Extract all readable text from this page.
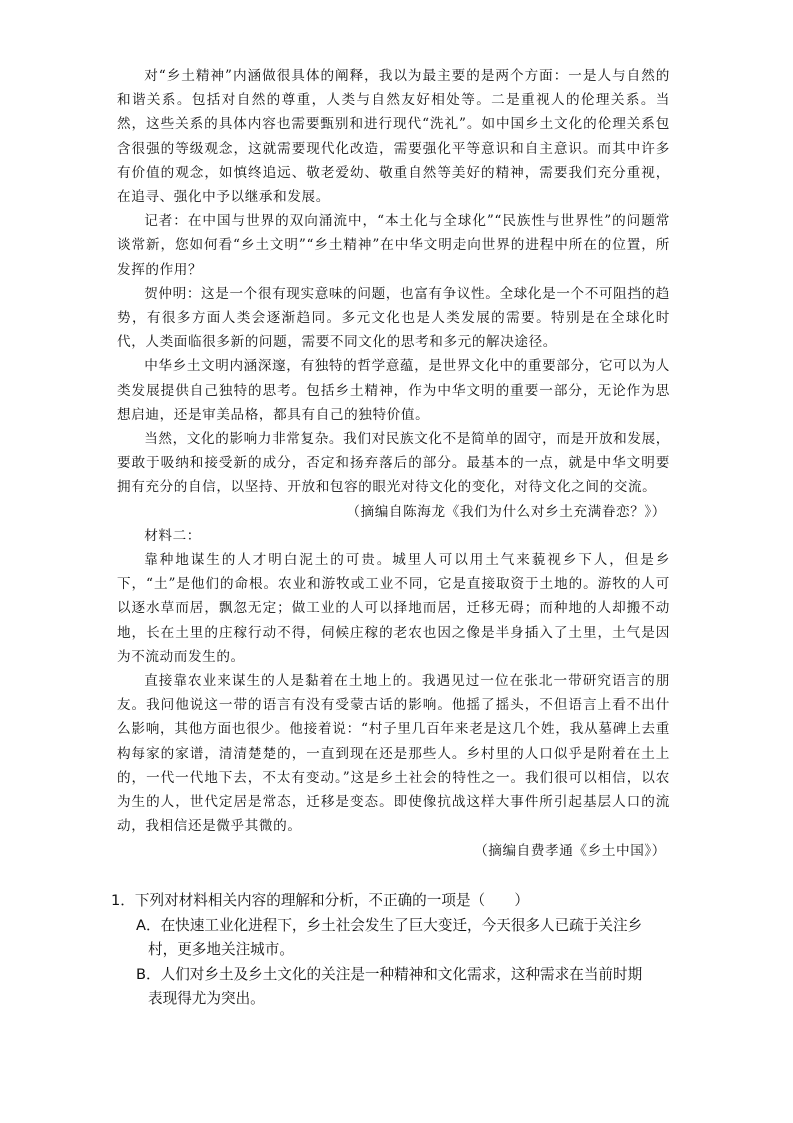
对“乡土精神”内涵做很具体的阐释，我以为最主要的是两个方面：一是人与自然的和谐关系。包括对自然的尊重，人类与自然友好相处等。二是重视人的伦理关系。当然，这些关系的具体内容也需要甄别和进行现代“洗礼”。如中国乡土文化的伦理关系包含很强的等级观念，这就需要现代化改造，需要强化平等意识和自主意识。而其中许多有价值的观念，如慎终追远、敬老爱幼、敬重自然等美好的精神，需要我们充分重视，在追寻、强化中予以继承和发展。

记者：在中国与世界的双向涌流中，“本土化与全球化”“民族性与世界性”的问题常谈常新，您如何看“乡土文明”“乡土精神”在中华文明走向世界的进程中所在的位置，所发挥的作用？

贺仲明：这是一个很有现实意味的问题，也富有争议性。全球化是一个不可阻挡的趋势，有很多方面人类会逐渐趋同。多元文化也是人类发展的需要。特别是在全球化时代，人类面临很多新的问题，需要不同文化的思考和多元的解决途径。

中华乡土文明内涵深邃，有独特的哲学意蕴，是世界文化中的重要部分，它可以为人类发展提供自己独特的思考。包括乡土精神，作为中华文明的重要一部分，无论作为思想启迪，还是审美品格，都具有自己的独特价值。

当然，文化的影响力非常复杂。我们对民族文化不是简单的固守，而是开放和发展，要敢于吸纳和接受新的成分，否定和扬弃落后的部分。最基本的一点，就是中华文明要拥有充分的自信，以坚持、开放和包容的眼光对待文化的变化，对待文化之间的交流。

（摘编自陈海龙《我们为什么对乡土充满眷恋？》）

材料二：

靠种地谋生的人才明白泥土的可贵。城里人可以用土气来藐视乡下人，但是乡下，“土”是他们的命根。农业和游牧或工业不同，它是直接取资于土地的。游牧的人可以逐水草而居，飘忽无定；做工业的人可以择地而居，迁移无碍；而种地的人却搬不动地，长在土里的庄稼行动不得，伺候庄稼的老农也因之像是半身插入了土里，土气是因为不流动而发生的。

直接靠农业来谋生的人是黏着在土地上的。我遇见过一位在张北一带研究语言的朋友。我问他说这一带的语言有没有受蒙古话的影响。他摇了摇头，不但语言上看不出什么影响，其他方面也很少。他接着说：“村子里几百年来老是这几个姓，我从墓碑上去重构每家的家谱，清清楚楚的，一直到现在还是那些人。乡村里的人口似乎是附着在土上的，一代一代地下去，不太有变动。”这是乡土社会的特性之一。我们很可以相信，以农为生的人，世代定居是常态，迁移是变态。即使像抗战这样大事件所引起基层人口的流动，我相信还是微乎其微的。

（摘编自费孝通《乡土中国》）

1．下列对材料相关内容的理解和分析，不正确的一项是（　　）

A．在快速工业化进程下，乡土社会发生了巨大变迁，今天很多人已疏于关注乡
村，更多地关注城市。

B．人们对乡土及乡土文化的关注是一种精神和文化需求，这种需求在当前时期
表现得尤为突出。
